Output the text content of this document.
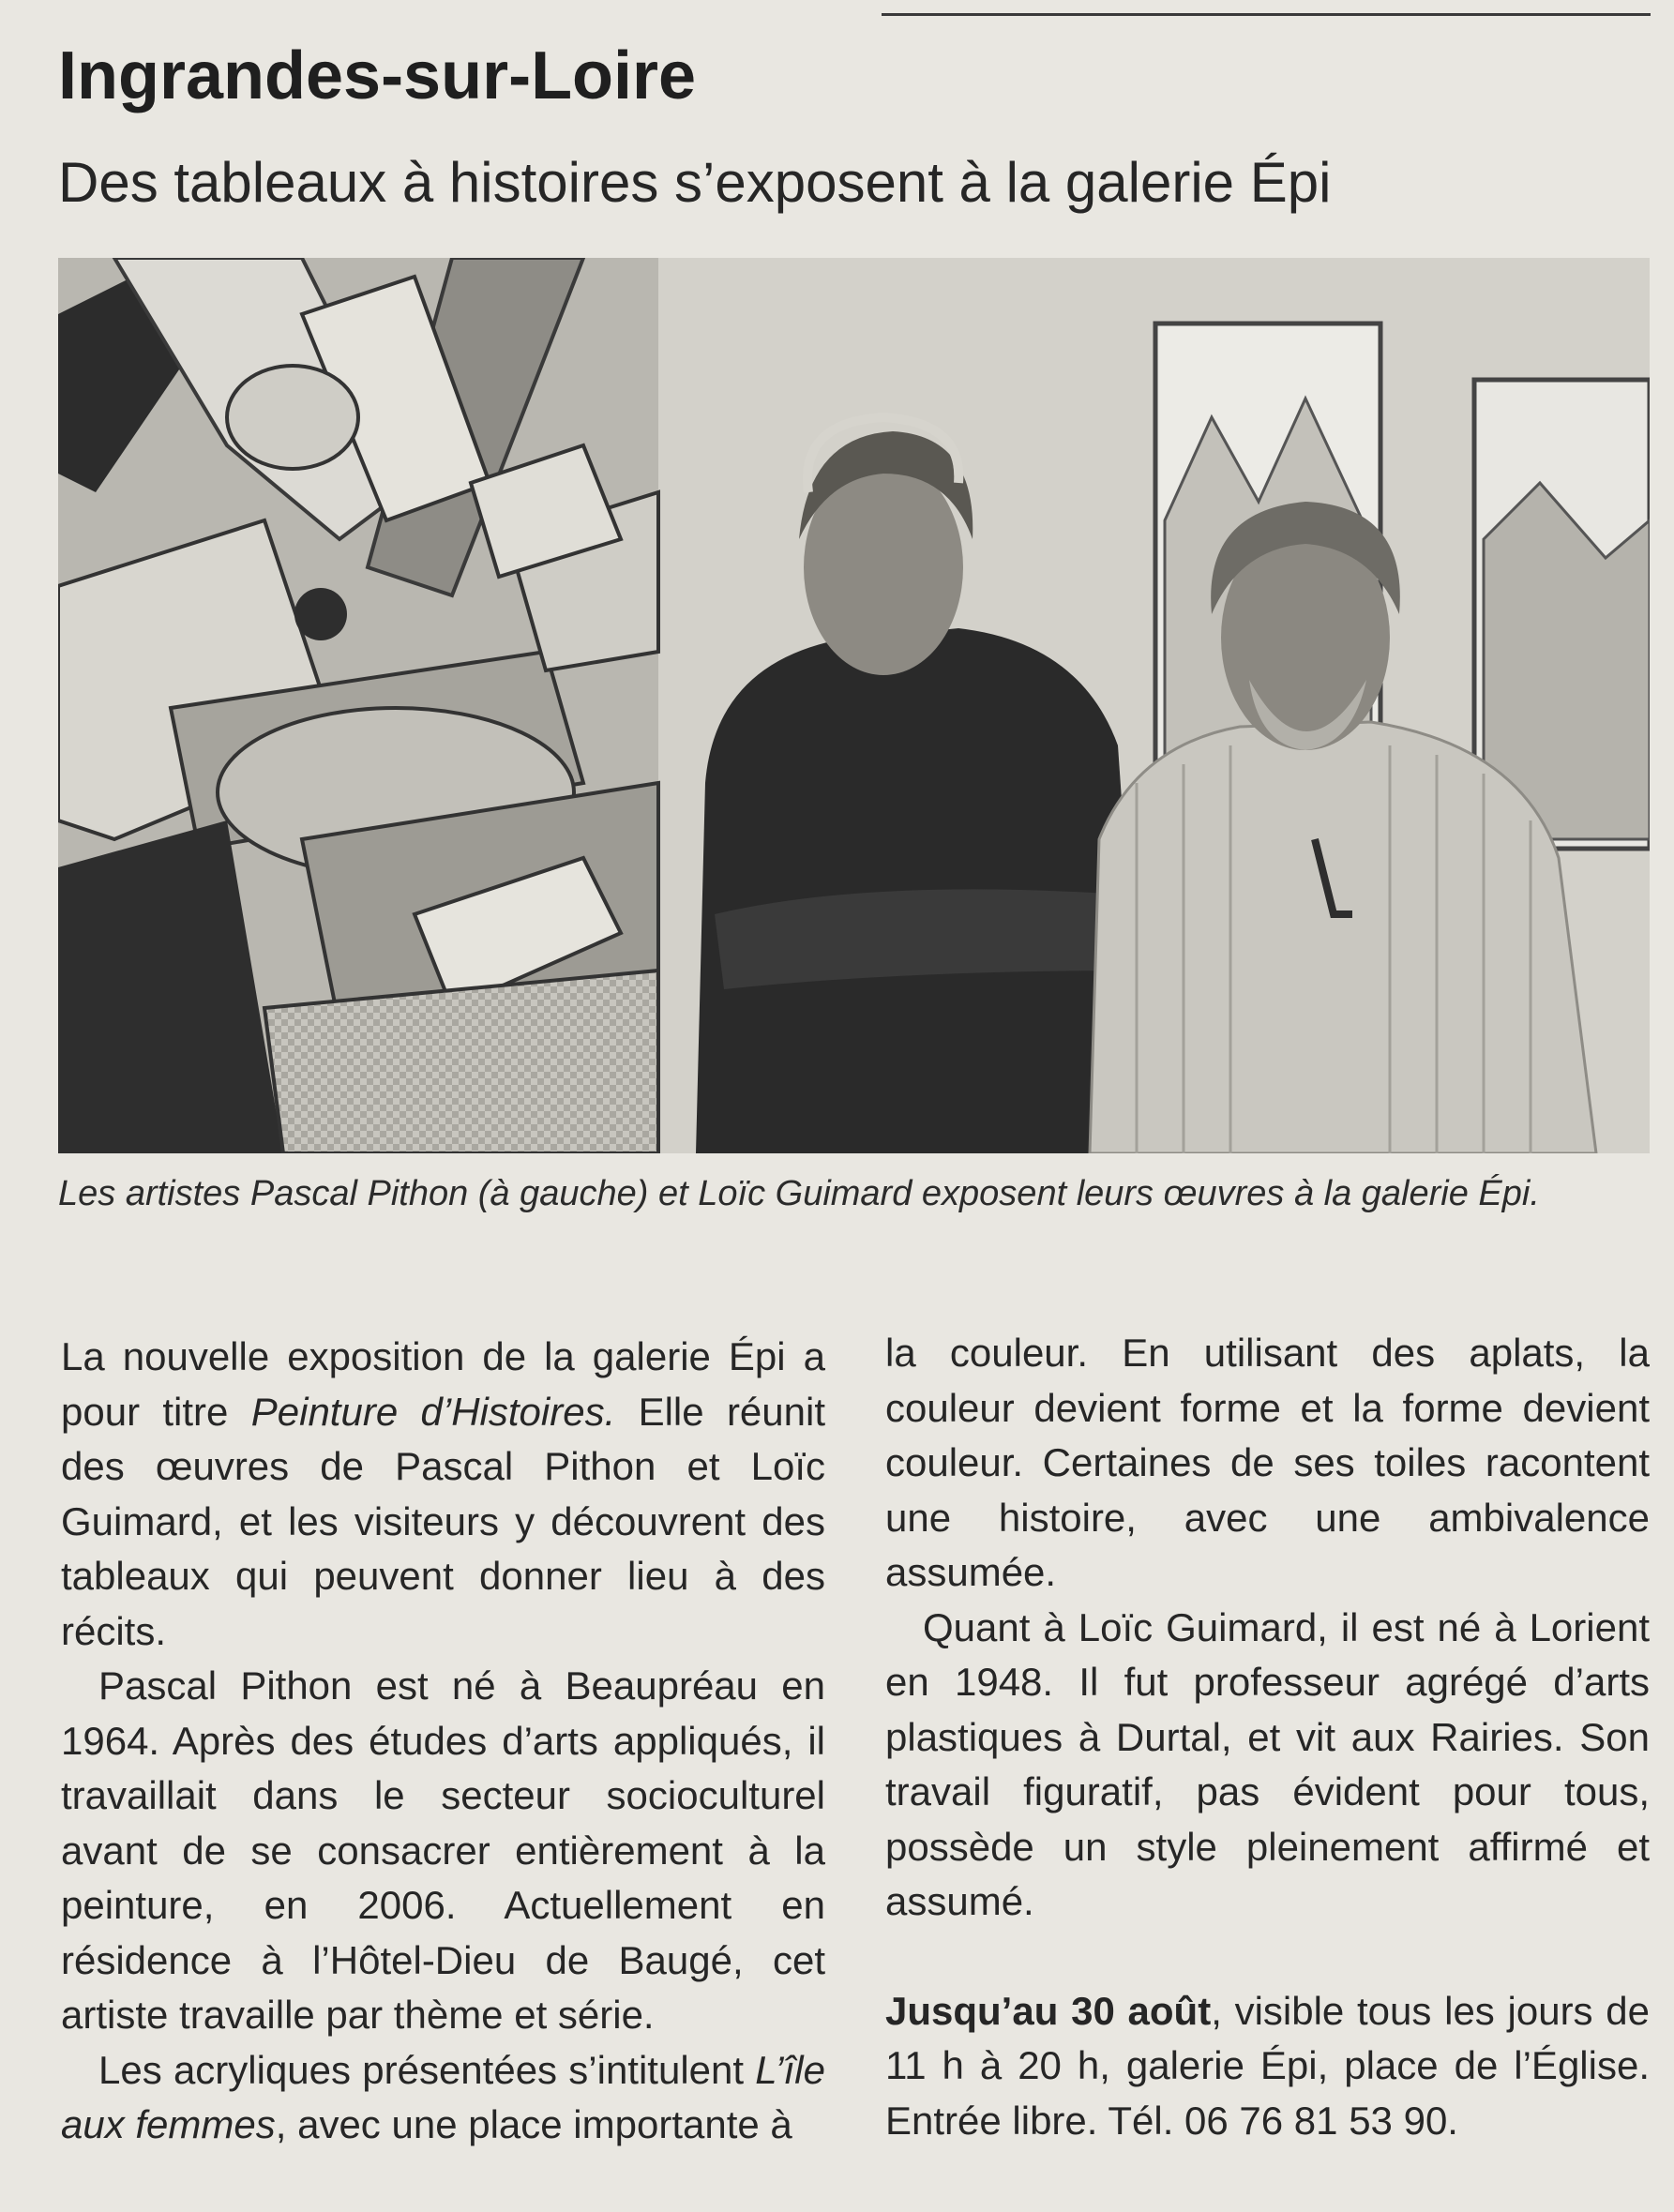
Ingrandes-sur-Loire
Des tableaux à histoires s’exposent à la galerie Épi
Les artistes Pascal Pithon (à gauche) et Loïc Guimard exposent leurs œuvres à la galerie Épi.

La nouvelle exposition de la galerie Épi a pour titre Peinture d’Histoires. Elle réunit des œuvres de Pascal Pithon et Loïc Guimard, et les visiteurs y découvrent des tableaux qui peuvent donner lieu à des récits.

Pascal Pithon est né à Beaupréau en 1964. Après des études d’arts appliqués, il travaillait dans le secteur socioculturel avant de se consacrer entièrement à la peinture, en 2006. Actuellement en résidence à l’Hôtel-Dieu de Baugé, cet artiste travaille par thème et série.

Les acryliques présentées s’intitulent L’île aux femmes, avec une place importante à

la couleur. En utilisant des aplats, la couleur devient forme et la forme devient couleur. Certaines de ses toiles racontent une histoire, avec une ambivalence assumée.

Quant à Loïc Guimard, il est né à Lorient en 1948. Il fut professeur agrégé d’arts plastiques à Durtal, et vit aux Rairies. Son travail figuratif, pas évident pour tous, possède un style pleinement affirmé et assumé.

Jusqu’au 30 août, visible tous les jours de 11 h à 20 h, galerie Épi, place de l’Église. Entrée libre. Tél. 06 76 81 53 90.
